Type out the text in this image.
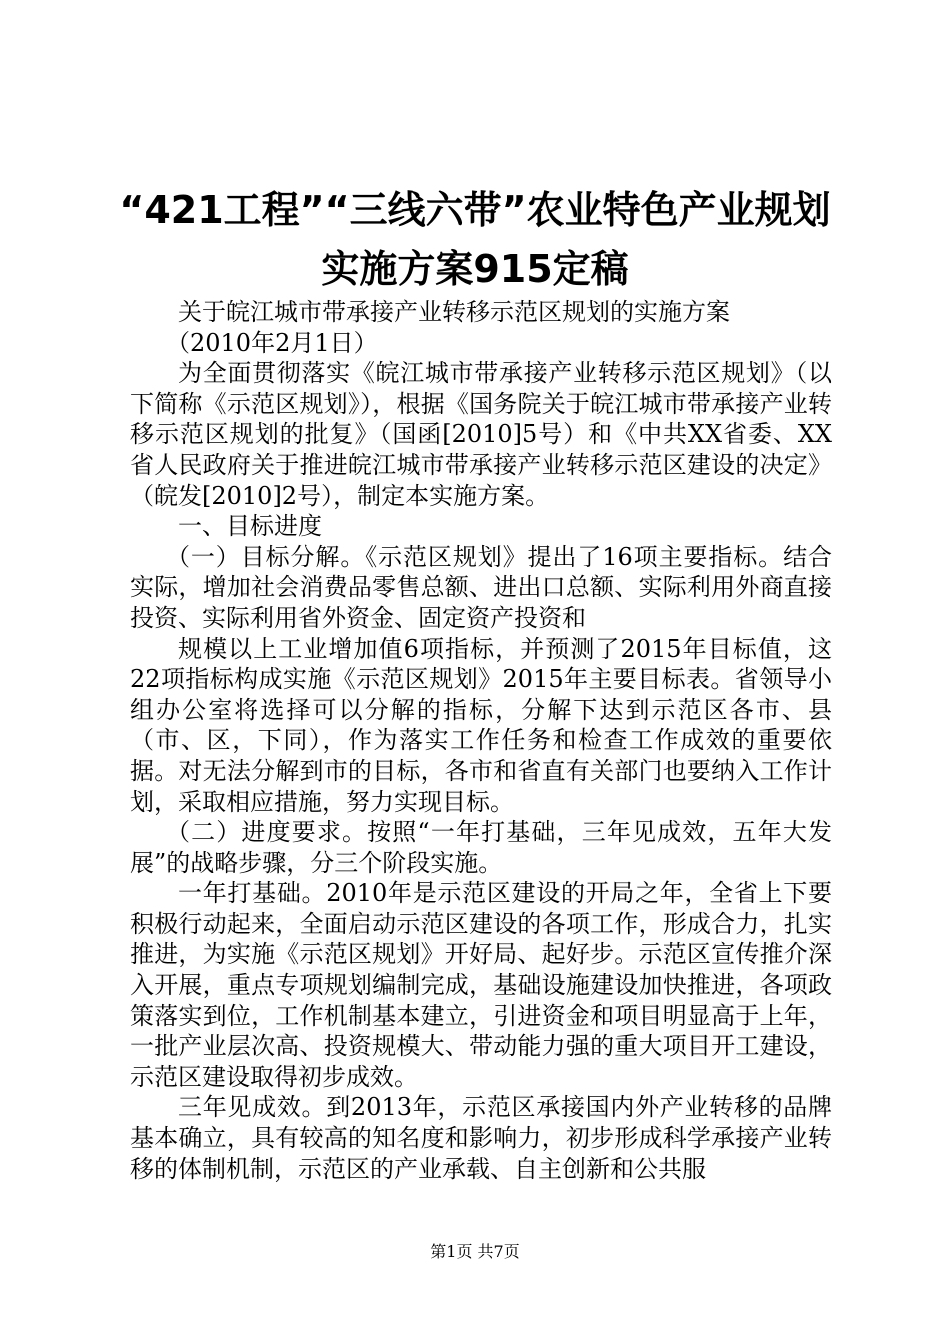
“421工程”“三线六带”农业特色产业规划
实施方案915定稿

关于皖江城市带承接产业转移示范区规划的实施方案

（2010年2月1日）

为全面贯彻落实《皖江城市带承接产业转移示范区规划》（以下简称《示范区规划》），根据《国务院关于皖江城市带承接产业转移示范区规划的批复》（国函[2010]5号）和《中共XX省委、XX省人民政府关于推进皖江城市带承接产业转移示范区建设的决定》（皖发[2010]2号），制定本实施方案。

一、目标进度

（一）目标分解。《示范区规划》提出了16项主要指标。结合实际，增加社会消费品零售总额、进出口总额、实际利用外商直接投资、实际利用省外资金、固定资产投资和

规模以上工业增加值6项指标，并预测了2015年目标值，这22项指标构成实施《示范区规划》2015年主要目标表。省领导小组办公室将选择可以分解的指标，分解下达到示范区各市、县（市、区，下同），作为落实工作任务和检查工作成效的重要依据。对无法分解到市的目标，各市和省直有关部门也要纳入工作计划，采取相应措施，努力实现目标。

（二）进度要求。按照“一年打基础，三年见成效，五年大发展”的战略步骤，分三个阶段实施。

一年打基础。2010年是示范区建设的开局之年，全省上下要积极行动起来，全面启动示范区建设的各项工作，形成合力，扎实推进，为实施《示范区规划》开好局、起好步。示范区宣传推介深入开展，重点专项规划编制完成，基础设施建设加快推进，各项政策落实到位，工作机制基本建立，引进资金和项目明显高于上年，一批产业层次高、投资规模大、带动能力强的重大项目开工建设，示范区建设取得初步成效。

三年见成效。到2013年，示范区承接国内外产业转移的品牌基本确立，具有较高的知名度和影响力，初步形成科学承接产业转移的体制机制，示范区的产业承载、自主创新和公共服

第1页 共7页
